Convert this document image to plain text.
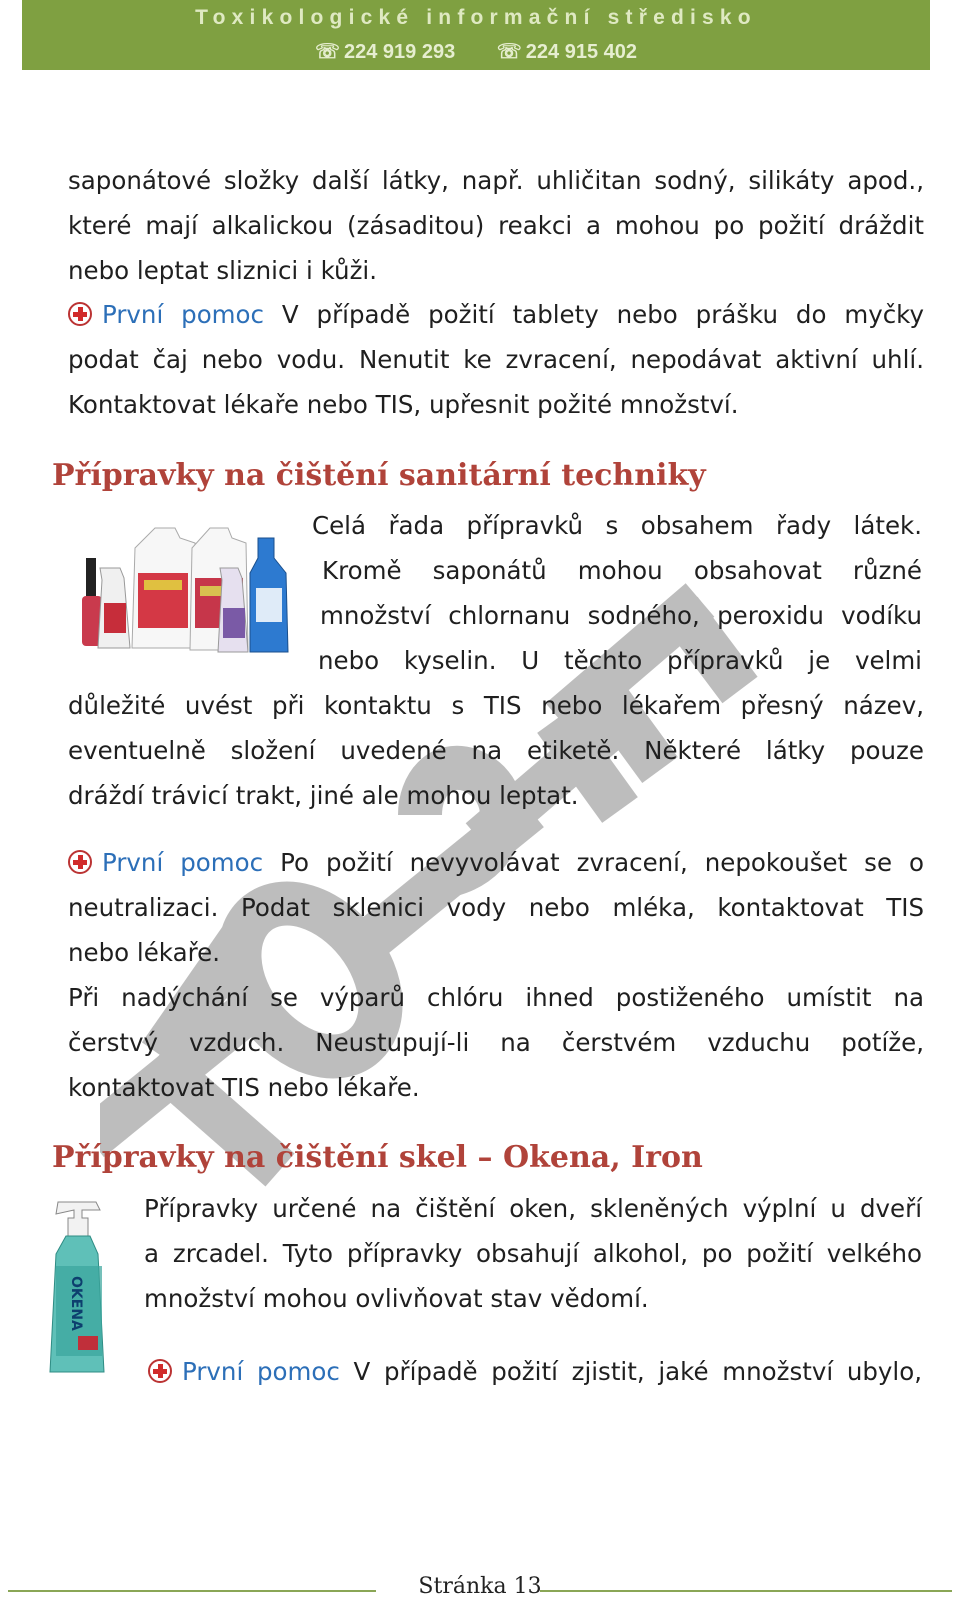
Toxikologické informační středisko
☏ 224 919 293 ☏ 224 915 402
saponátové složky další látky, např. uhličitan sodný, silikáty apod.,
které mají alkalickou (zásaditou) reakci a mohou po požití dráždit
nebo leptat sliznici i kůži.
První pomoc V případě požití tablety nebo prášku do myčky
podat čaj nebo vodu. Nenutit ke zvracení, nepodávat aktivní uhlí.
Kontaktovat lékaře nebo TIS, upřesnit požité množství.
Přípravky na čištění sanitární techniky
Celá řada přípravků s obsahem řady látek.
Kromě saponátů mohou obsahovat různé
množství chlornanu sodného, peroxidu vodíku
nebo kyselin. U těchto přípravků je velmi
důležité uvést při kontaktu s TIS nebo lékařem přesný název,
eventuelně složení uvedené na etiketě. Některé látky pouze
dráždí trávicí trakt, jiné ale mohou leptat.
První pomoc Po požití nevyvolávat zvracení, nepokoušet se o
neutralizaci. Podat sklenici vody nebo mléka, kontaktovat TIS
nebo lékaře.
Při nadýchání se výparů chlóru ihned postiženého umístit na
čerstvý vzduch. Neustupují-li na čerstvém vzduchu potíže,
kontaktovat TIS nebo lékaře.
Přípravky na čištění skel – Okena, Iron
OKENA
Přípravky určené na čištění oken, skleněných výplní u dveří
a zrcadel. Tyto přípravky obsahují alkohol, po požití velkého
množství mohou ovlivňovat stav vědomí.
První pomoc V případě požití zjistit, jaké množství ubylo,
Stránka 13
